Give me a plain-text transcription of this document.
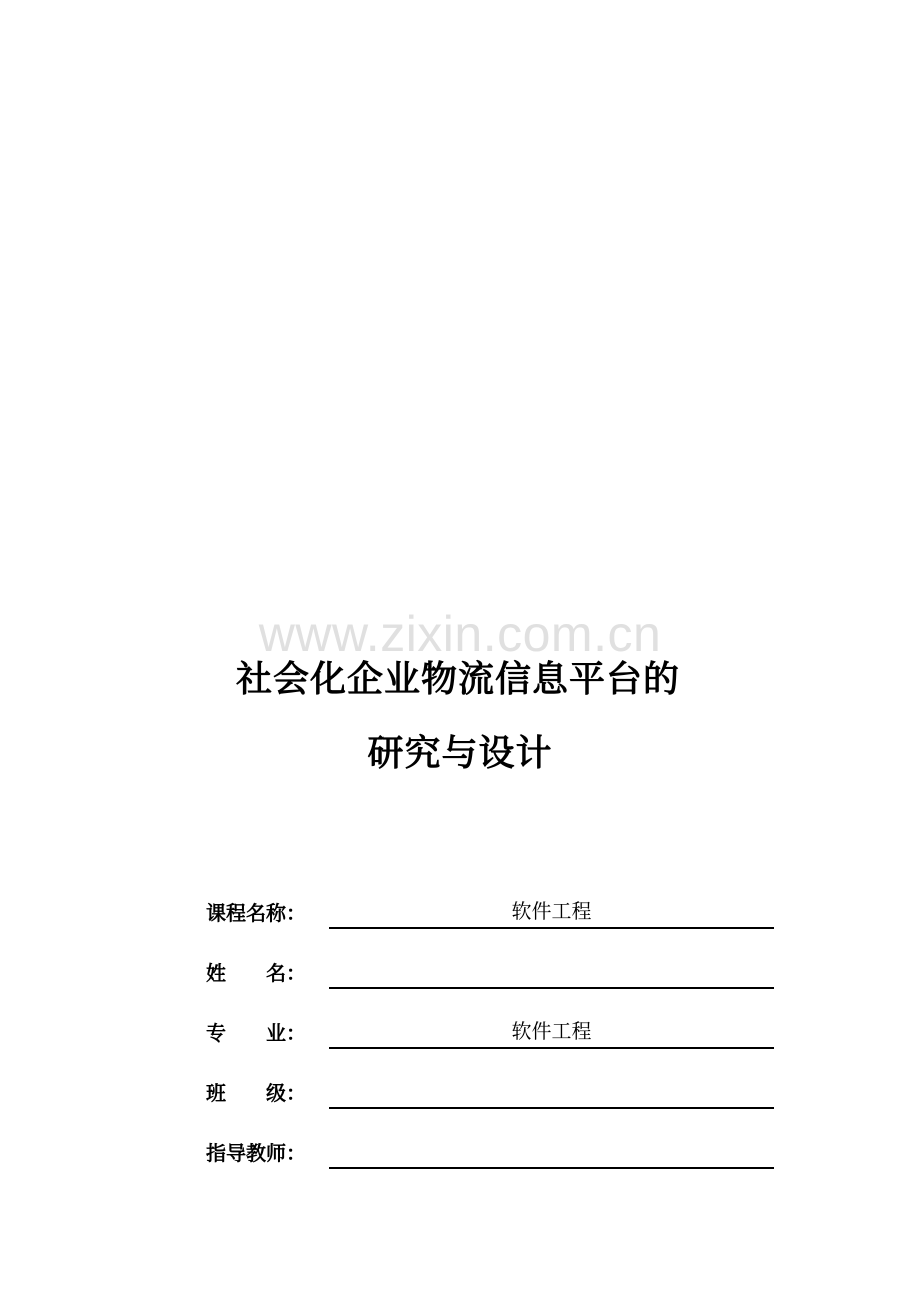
www.zixin.com.cn
社会化企业物流信息平台的
研究与设计
课程名称：	软件工程
姓　　名：
专　　业：	软件工程
班　　级：
指导教师：
